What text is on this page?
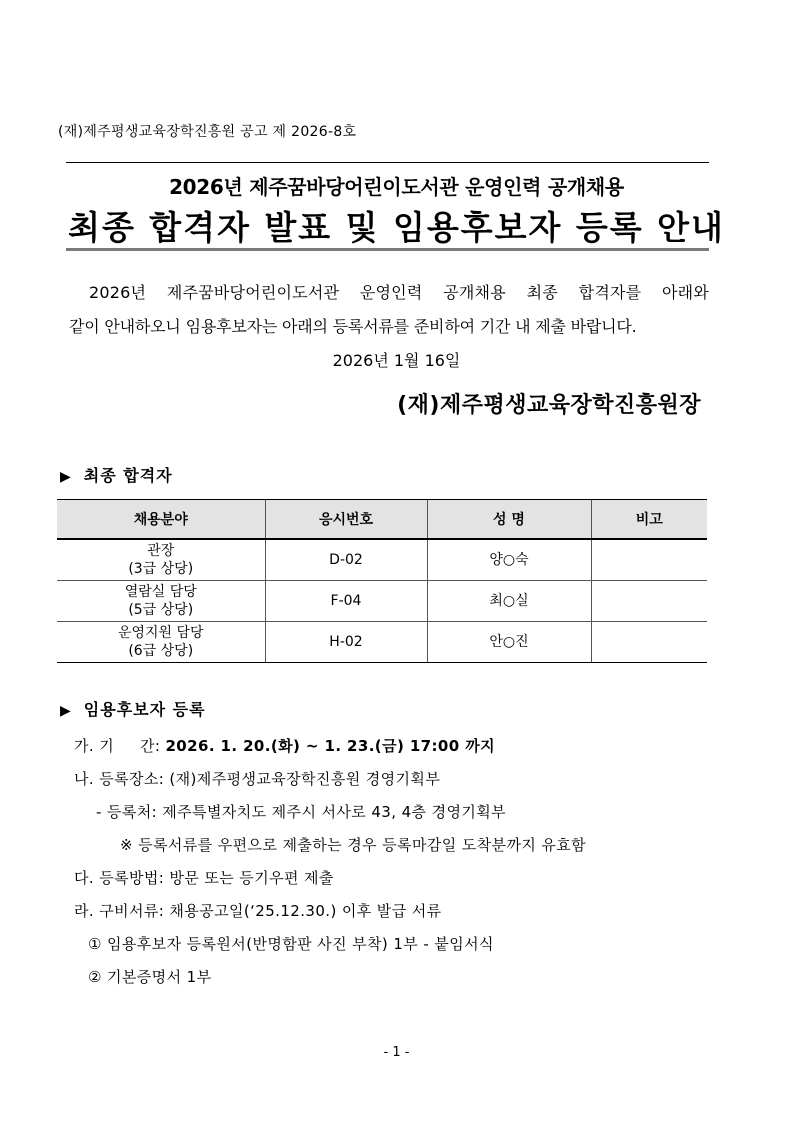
(재)제주평생교육장학진흥원 공고 제 2026-8호
2026년 제주꿈바당어린이도서관 운영인력 공개채용
최종 합격자 발표 및 임용후보자 등록 안내
2026년 제주꿈바당어린이도서관 운영인력 공개채용 최종 합격자를 아래와
같이 안내하오니 임용후보자는 아래의 등록서류를 준비하여 기간 내 제출 바랍니다.
2026년 1월 16일
(재)제주평생교육장학진흥원장
▶ 최종 합격자
채용분야	응시번호	성 명	비고

관장
(3급 상당)	D-02	양○숙	

열람실 담당
(5급 상당)	F-04	최○실	

운영지원 담당
(6급 상당)	H-02	안○진	
▶ 임용후보자 등록
가. 기     간: 2026. 1. 20.(화) ~ 1. 23.(금) 17:00 까지
나. 등록장소: (재)제주평생교육장학진흥원 경영기획부
- 등록처: 제주특별자치도 제주시 서사로 43, 4층 경영기획부
※ 등록서류를 우편으로 제출하는 경우 등록마감일 도착분까지 유효함
다. 등록방법: 방문 또는 등기우편 제출
라. 구비서류: 채용공고일(‘25.12.30.) 이후 발급 서류
① 임용후보자 등록원서(반명함판 사진 부착) 1부 - 붙임서식
② 기본증명서 1부
- 1 -
